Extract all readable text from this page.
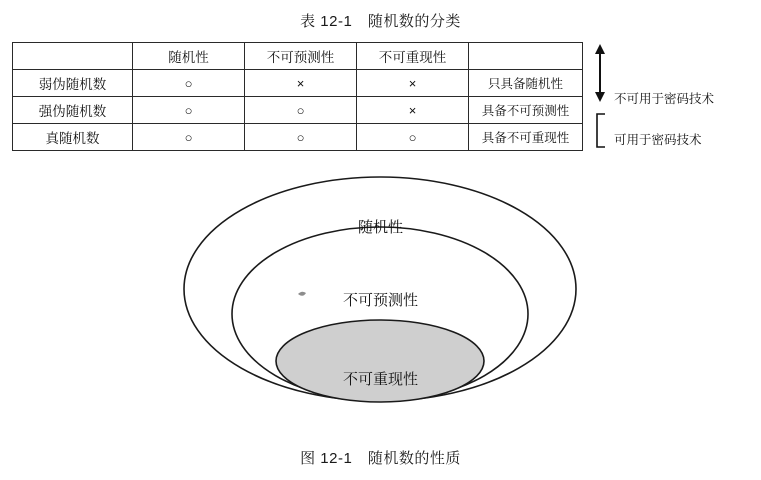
表 12-1　随机数的分类
	随机性	不可预测性	不可重现性	
弱伪随机数	○	×	×	只具备随机性
强伪随机数	○	○	×	具备不可预测性
真随机数	○	○	○	具备不可重现性
不可用于密码技术
可用于密码技术
随机性
不可预测性
不可重现性
图 12-1　随机数的性质
